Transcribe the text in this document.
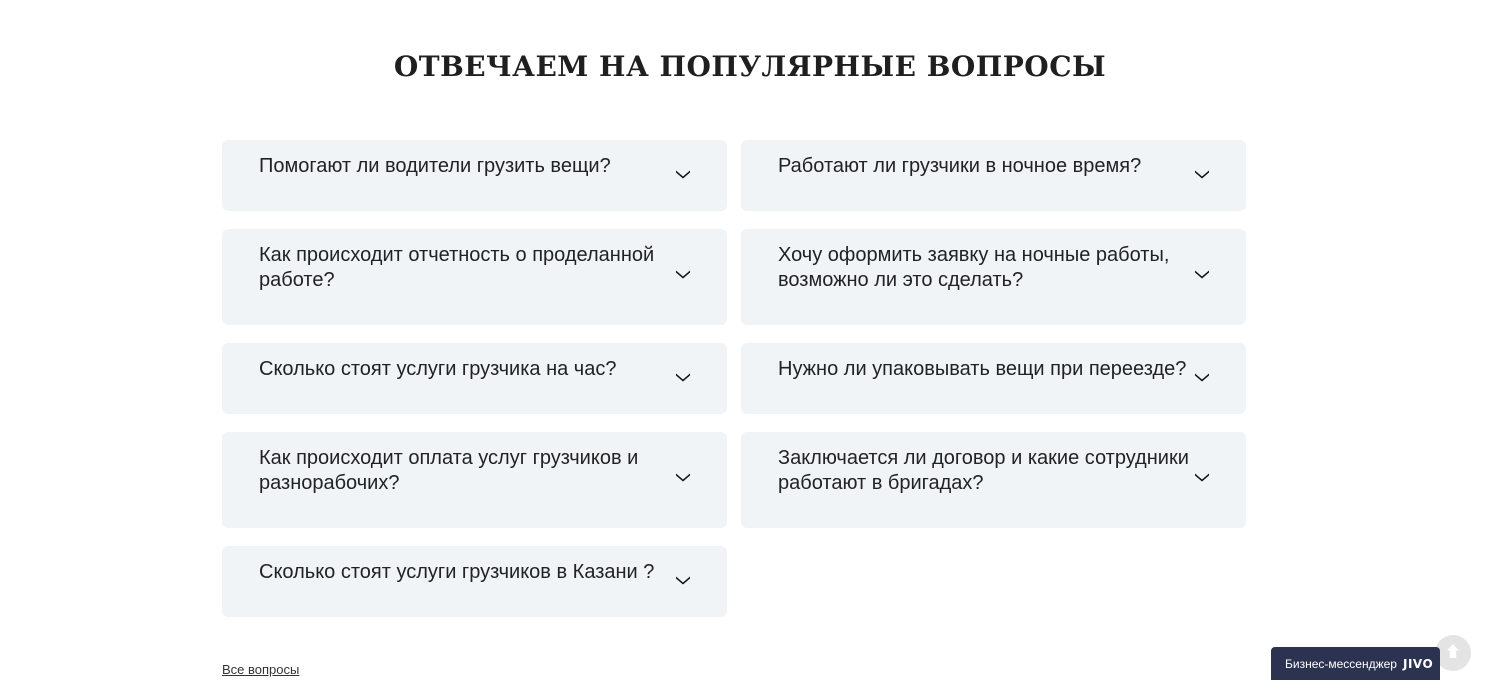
ОТВЕЧАЕМ НА ПОПУЛЯРНЫЕ ВОПРОСЫ
Помогают ли водители грузить вещи?	Работают ли грузчики в ночное время?
Как происходит отчетность о проделанной работе?
Хочу оформить заявку на ночные работы, возможно ли это сделать?
Сколько стоят услуги грузчика на час?	Нужно ли упаковывать вещи при переезде?
Как происходит оплата услуг грузчиков и разнорабочих?
Заключается ли договор и какие сотрудники работают в бригадах?
Сколько стоят услуги грузчиков в Казани ?
Все вопросы	Бизнес-мессенджер JIVO
